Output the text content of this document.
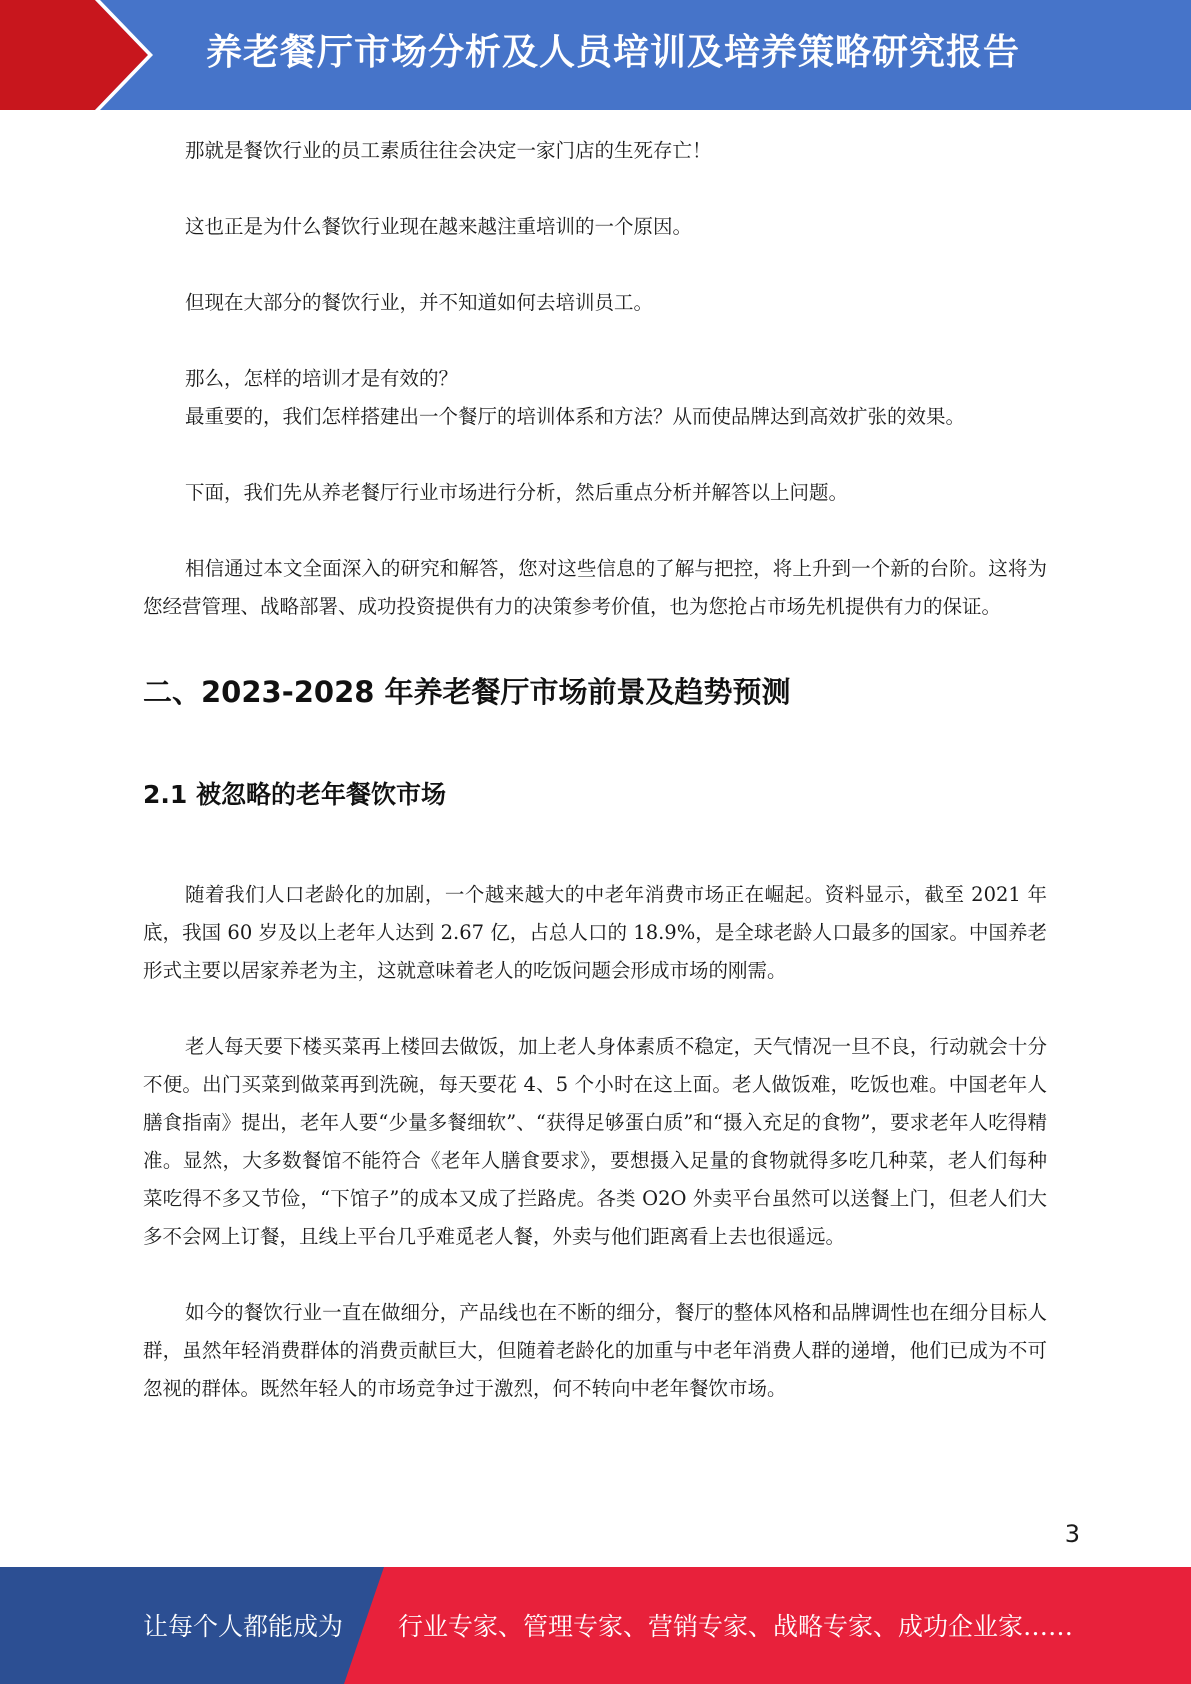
养老餐厅市场分析及人员培训及培养策略研究报告

那就是餐饮行业的员工素质往往会决定一家门店的生死存亡！

这也正是为什么餐饮行业现在越来越注重培训的一个原因。

但现在大部分的餐饮行业，并不知道如何去培训员工。

那么，怎样的培训才是有效的？

最重要的，我们怎样搭建出一个餐厅的培训体系和方法？从而使品牌达到高效扩张的效果。

下面，我们先从养老餐厅行业市场进行分析，然后重点分析并解答以上问题。

相信通过本文全面深入的研究和解答，您对这些信息的了解与把控，将上升到一个新的台阶。这将为您经营管理、战略部署、成功投资提供有力的决策参考价值，也为您抢占市场先机提供有力的保证。

二、2023-2028 年养老餐厅市场前景及趋势预测
2.1 被忽略的老年餐饮市场

随着我们人口老龄化的加剧，一个越来越大的中老年消费市场正在崛起。资料显示，截至 2021 年底，我国 60 岁及以上老年人达到 2.67 亿，占总人口的 18.9%，是全球老龄人口最多的国家。中国养老形式主要以居家养老为主，这就意味着老人的吃饭问题会形成市场的刚需。

老人每天要下楼买菜再上楼回去做饭，加上老人身体素质不稳定，天气情况一旦不良，行动就会十分不便。出门买菜到做菜再到洗碗，每天要花 4、5 个小时在这上面。老人做饭难，吃饭也难。中国老年人膳食指南》提出，老年人要“少量多餐细软”、“获得足够蛋白质”和“摄入充足的食物”，要求老年人吃得精准。显然，大多数餐馆不能符合《老年人膳食要求》，要想摄入足量的食物就得多吃几种菜，老人们每种菜吃得不多又节俭，“下馆子”的成本又成了拦路虎。各类 O2O 外卖平台虽然可以送餐上门，但老人们大多不会网上订餐，且线上平台几乎难觅老人餐，外卖与他们距离看上去也很遥远。

如今的餐饮行业一直在做细分，产品线也在不断的细分，餐厅的整体风格和品牌调性也在细分目标人群，虽然年轻消费群体的消费贡献巨大，但随着老龄化的加重与中老年消费人群的递增，他们已成为不可忽视的群体。既然年轻人的市场竞争过于激烈，何不转向中老年餐饮市场。

3
让每个人都能成为 行业专家、管理专家、营销专家、战略专家、成功企业家……
